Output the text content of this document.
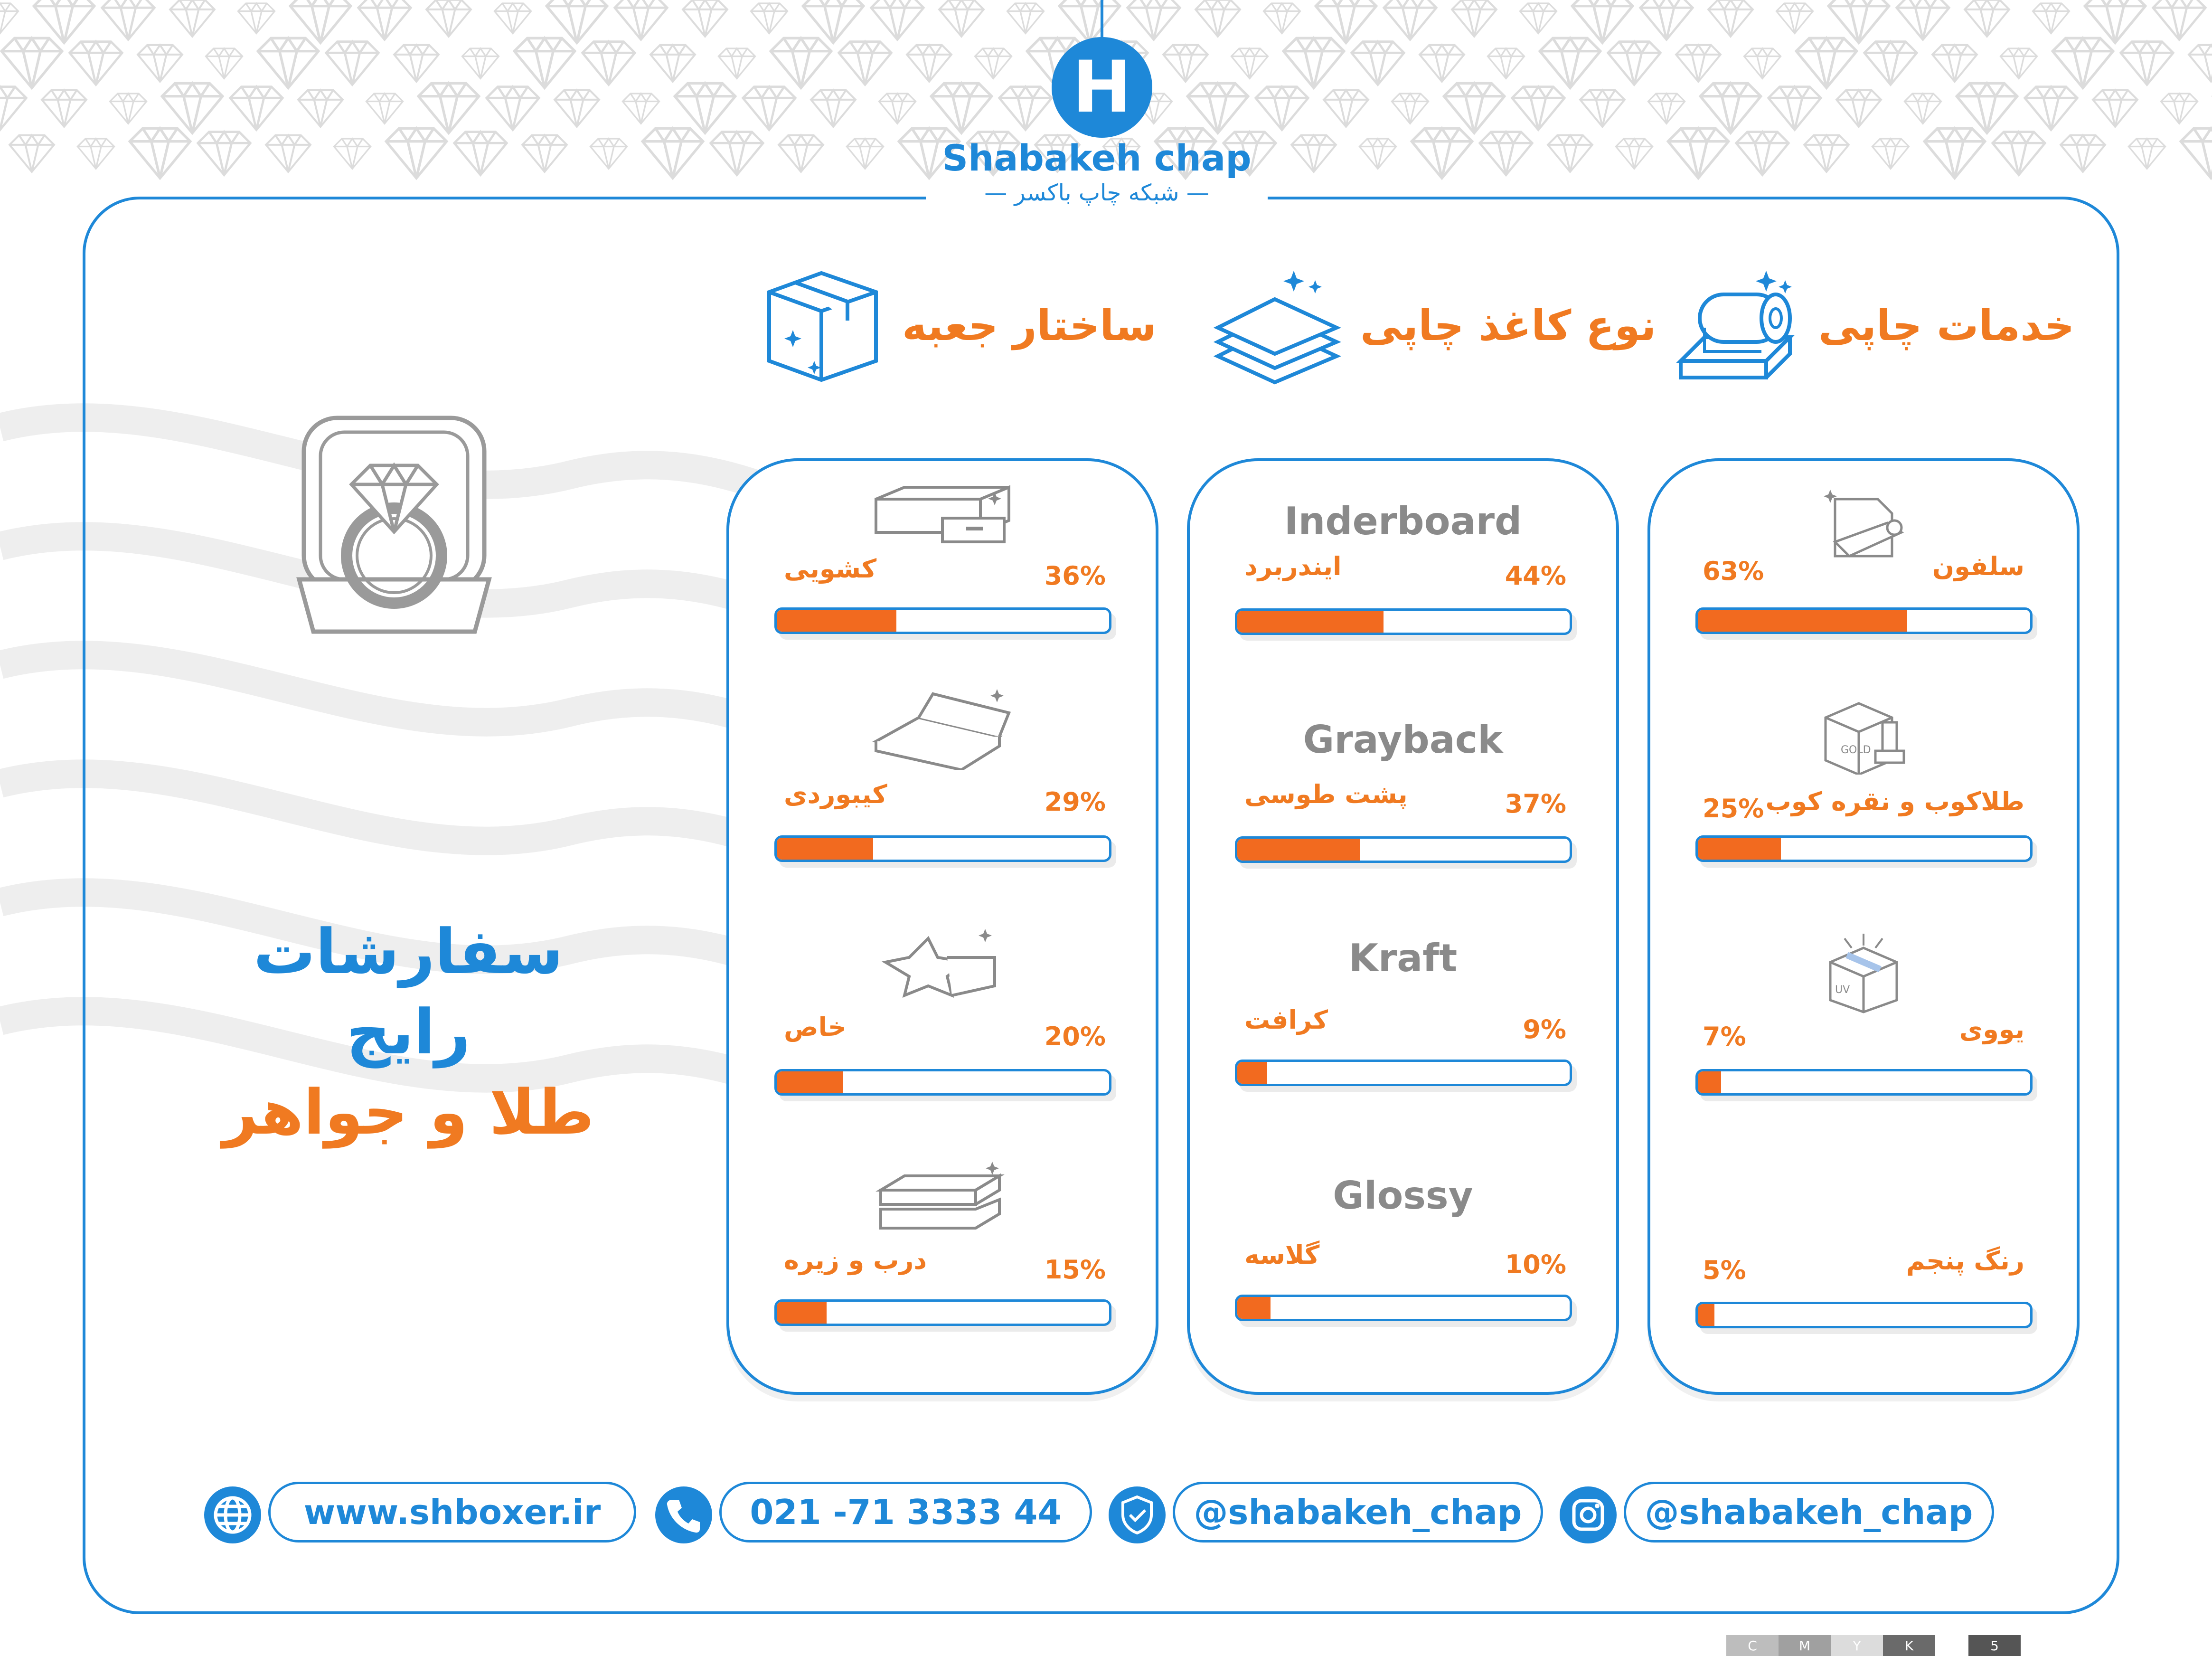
H
Shabakeh chap
— شبکه چاپ باکسر —
خدمات چاپی
نوع کاغذ چاپی
ساختار جعبه
سفارشات رایج
طلا و جواهر
36%
کشویی
29%
کیبوردی
20%
خاص
15%
درب و زیره
Inderboard
44%
ایندربرد
Grayback
37%
پشت طوسی
Kraft
9%
کرافت
Glossy
10%
گلاسه
63%	سلفون
GOLD
25% طلاکوب و نقره کوب
UV
7%	یووی
C	M	Y	K	5
5%	رنگ پنجم
www.shboxer.ir	021 -71 3333 44	@shabakeh_chap	@shabakeh_chap
